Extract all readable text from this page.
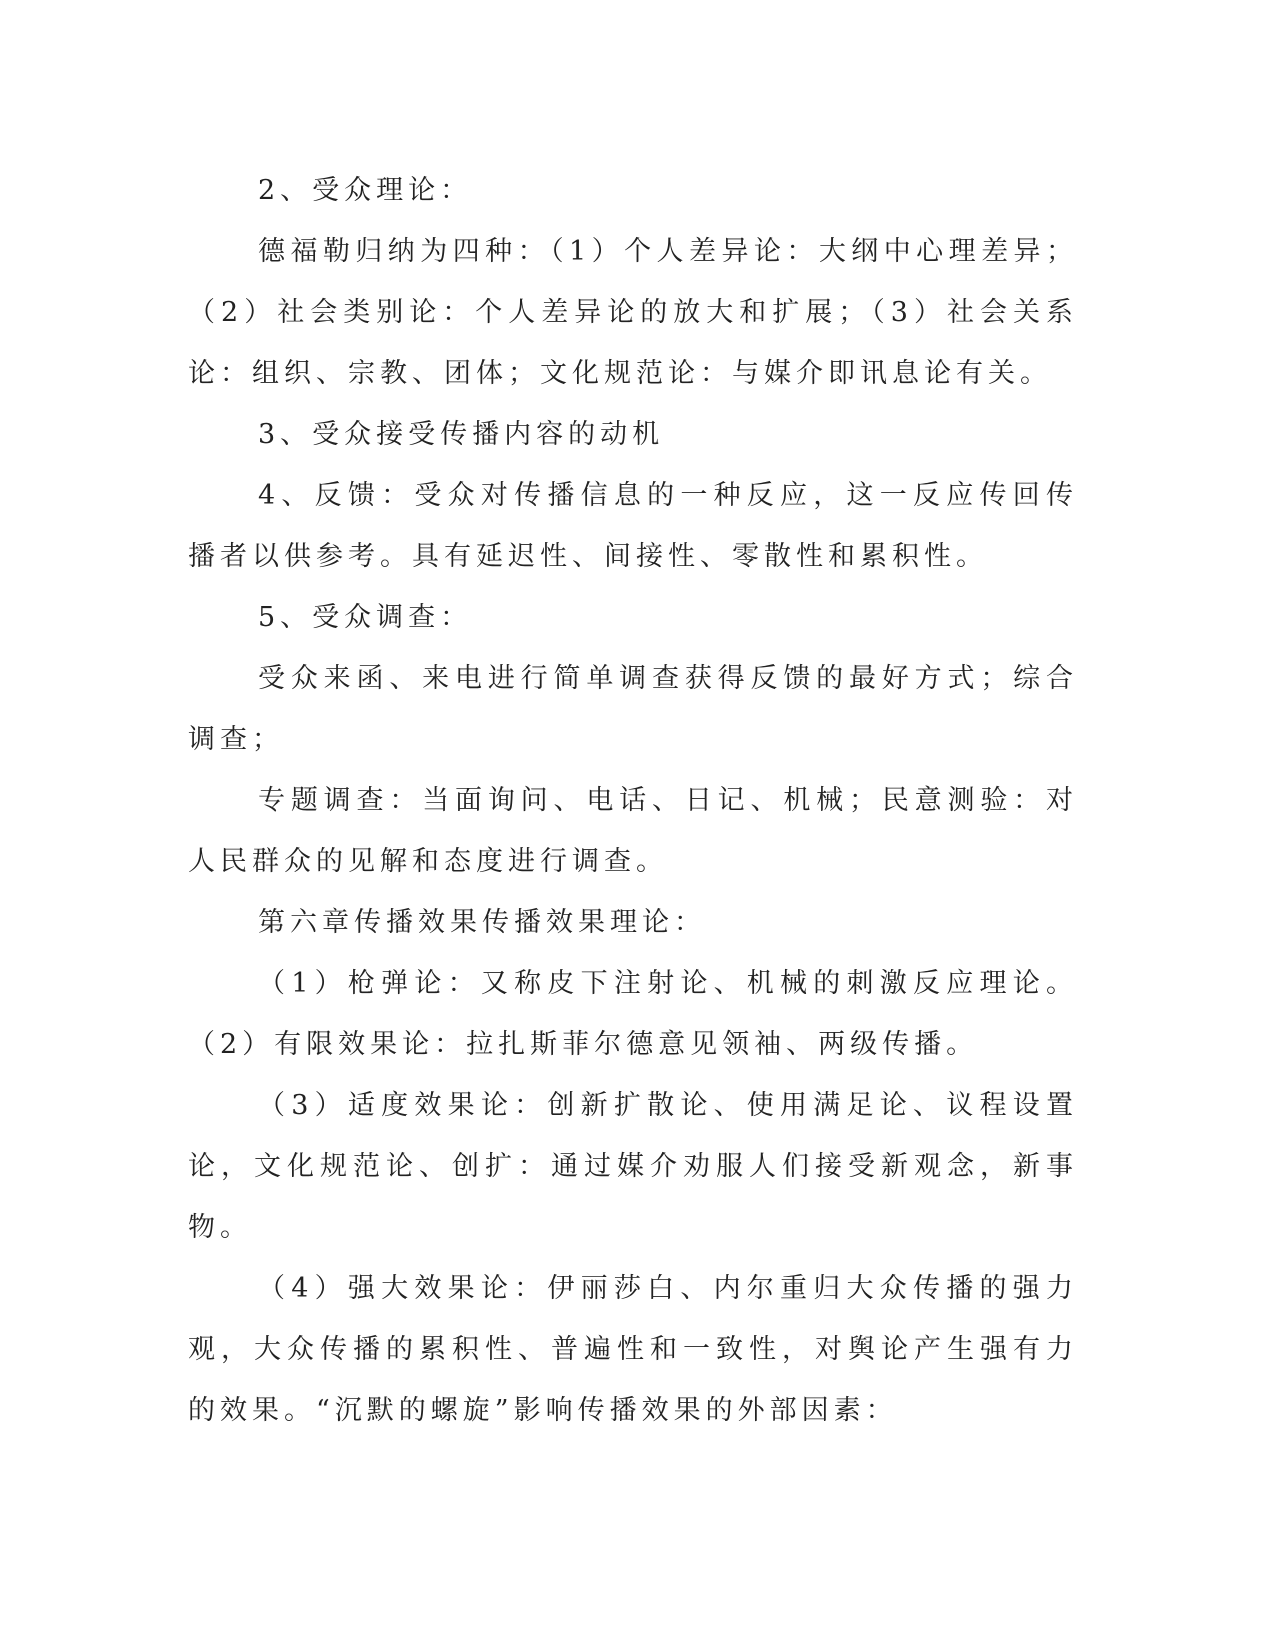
2、受众理论：

德福勒归纳为四种：（1）个人差异论：大纲中心理差异；（2）社会类别论：个人差异论的放大和扩展；（3）社会关系论：组织、宗教、团体；文化规范论：与媒介即讯息论有关。

3、受众接受传播内容的动机

4、反馈：受众对传播信息的一种反应，这一反应传回传播者以供参考。具有延迟性、间接性、零散性和累积性。

5、受众调查：

受众来函、来电进行简单调查获得反馈的最好方式；综合调查；

专题调查：当面询问、电话、日记、机械；民意测验：对人民群众的见解和态度进行调查。

第六章传播效果传播效果理论：

（1）枪弹论：又称皮下注射论、机械的刺激反应理论。（2）有限效果论：拉扎斯菲尔德意见领袖、两级传播。

（3）适度效果论：创新扩散论、使用满足论、议程设置论，文化规范论、创扩：通过媒介劝服人们接受新观念，新事物。

（4）强大效果论：伊丽莎白、内尔重归大众传播的强力观，大众传播的累积性、普遍性和一致性，对舆论产生强有力的效果。“沉默的螺旋”影响传播效果的外部因素：
